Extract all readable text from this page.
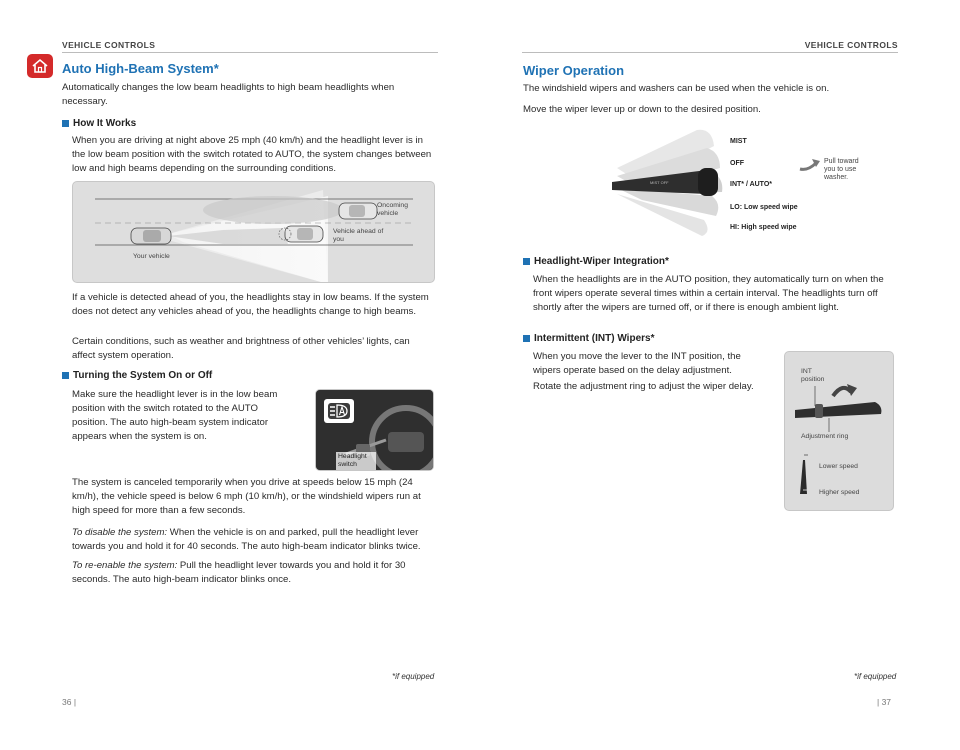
VEHICLE CONTROLS
Auto High-Beam System*

Automatically changes the low beam headlights to high beam headlights when necessary.

How It Works

When you are driving at night above 25 mph (40 km/h) and the headlight lever is in the low beam position with the switch rotated to AUTO, the system changes between low and high beams depending on the surrounding conditions.

Oncoming vehicle
Vehicle ahead of you
Your vehicle

If a vehicle is detected ahead of you, the headlights stay in low beams. If the system does not detect any vehicles ahead of you, the headlights change to high beams.

Certain conditions, such as weather and brightness of other vehicles’ lights, can affect system operation.

Turning the System On or Off

Make sure the headlight lever is in the low beam position with the switch rotated to the AUTO position. The auto high-beam system indicator appears when the system is on.

Headlight switch

The system is canceled temporarily when you drive at speeds below 15 mph (24 km/h), the vehicle speed is below 6 mph (10 km/h), or the windshield wipers run at high speed for more than a few seconds.

To disable the system: When the vehicle is on and parked, pull the headlight lever towards you and hold it for 40 seconds. The auto high-beam indicator blinks twice.

To re-enable the system: Pull the headlight lever towards you and hold it for 30 seconds. The auto high-beam indicator blinks once.

*if equipped
36 |
VEHICLE CONTROLS
Wiper Operation

The windshield wipers and washers can be used when the vehicle is on.

Move the wiper lever up or down to the desired position.

MIST OFF
MIST
OFF
INT* / AUTO*
LO: Low speed wipe
HI: High speed wipe
Pull toward you to use washer.
Headlight-Wiper Integration*

When the headlights are in the AUTO position, they automatically turn on when the front wipers operate several times within a certain interval. The headlights turn off shortly after the wipers are turned off, or if there is enough ambient light.

Intermittent (INT) Wipers*

When you move the lever to the INT position, the wipers operate based on the delay adjustment.

Rotate the adjustment ring to adjust the wiper delay.

INT position
Adjustment ring
Lower speed
Higher speed
*if equipped
| 37
